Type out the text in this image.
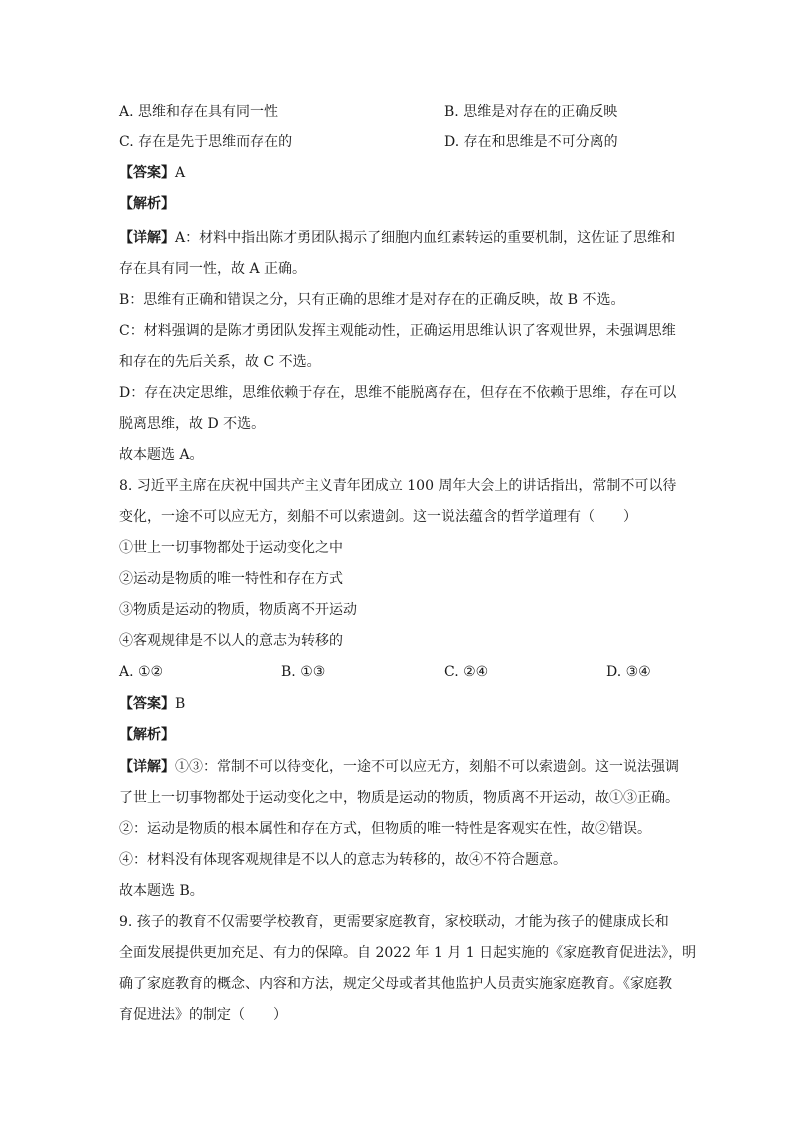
A. 思维和存在具有同一性	B. 思维是对存在的正确反映
C. 存在是先于思维而存在的	D. 存在和思维是不可分离的
【答案】A
【解析】
【详解】A：材料中指出陈才勇团队揭示了细胞内血红素转运的重要机制，这佐证了思维和
存在具有同一性，故 A 正确。
B：思维有正确和错误之分，只有正确的思维才是对存在的正确反映，故 B 不选。
C：材料强调的是陈才勇团队发挥主观能动性，正确运用思维认识了客观世界，未强调思维
和存在的先后关系，故 C 不选。
D：存在决定思维，思维依赖于存在，思维不能脱离存在，但存在不依赖于思维，存在可以
脱离思维，故 D 不选。
故本题选 A。
8. 习近平主席在庆祝中国共产主义青年团成立 100 周年大会上的讲话指出，常制不可以待
变化，一途不可以应无方，刻船不可以索遗剑。这一说法蕴含的哲学道理有（　　）
①世上一切事物都处于运动变化之中
②运动是物质的唯一特性和存在方式
③物质是运动的物质，物质离不开运动
④客观规律是不以人的意志为转移的
A. ①②	B. ①③	C. ②④	D. ③④
【答案】B
【解析】
【详解】①③：常制不可以待变化，一途不可以应无方，刻船不可以索遗剑。这一说法强调
了世上一切事物都处于运动变化之中，物质是运动的物质，物质离不开运动，故①③正确。
②：运动是物质的根本属性和存在方式，但物质的唯一特性是客观实在性，故②错误。
④：材料没有体现客观规律是不以人的意志为转移的，故④不符合题意。
故本题选 B。
9. 孩子的教育不仅需要学校教育，更需要家庭教育，家校联动，才能为孩子的健康成长和
全面发展提供更加充足、有力的保障。自 2022 年 1 月 1 日起实施的《家庭教育促进法》，明
确了家庭教育的概念、内容和方法，规定父母或者其他监护人员责实施家庭教育。《家庭教
育促进法》的制定（　　）
